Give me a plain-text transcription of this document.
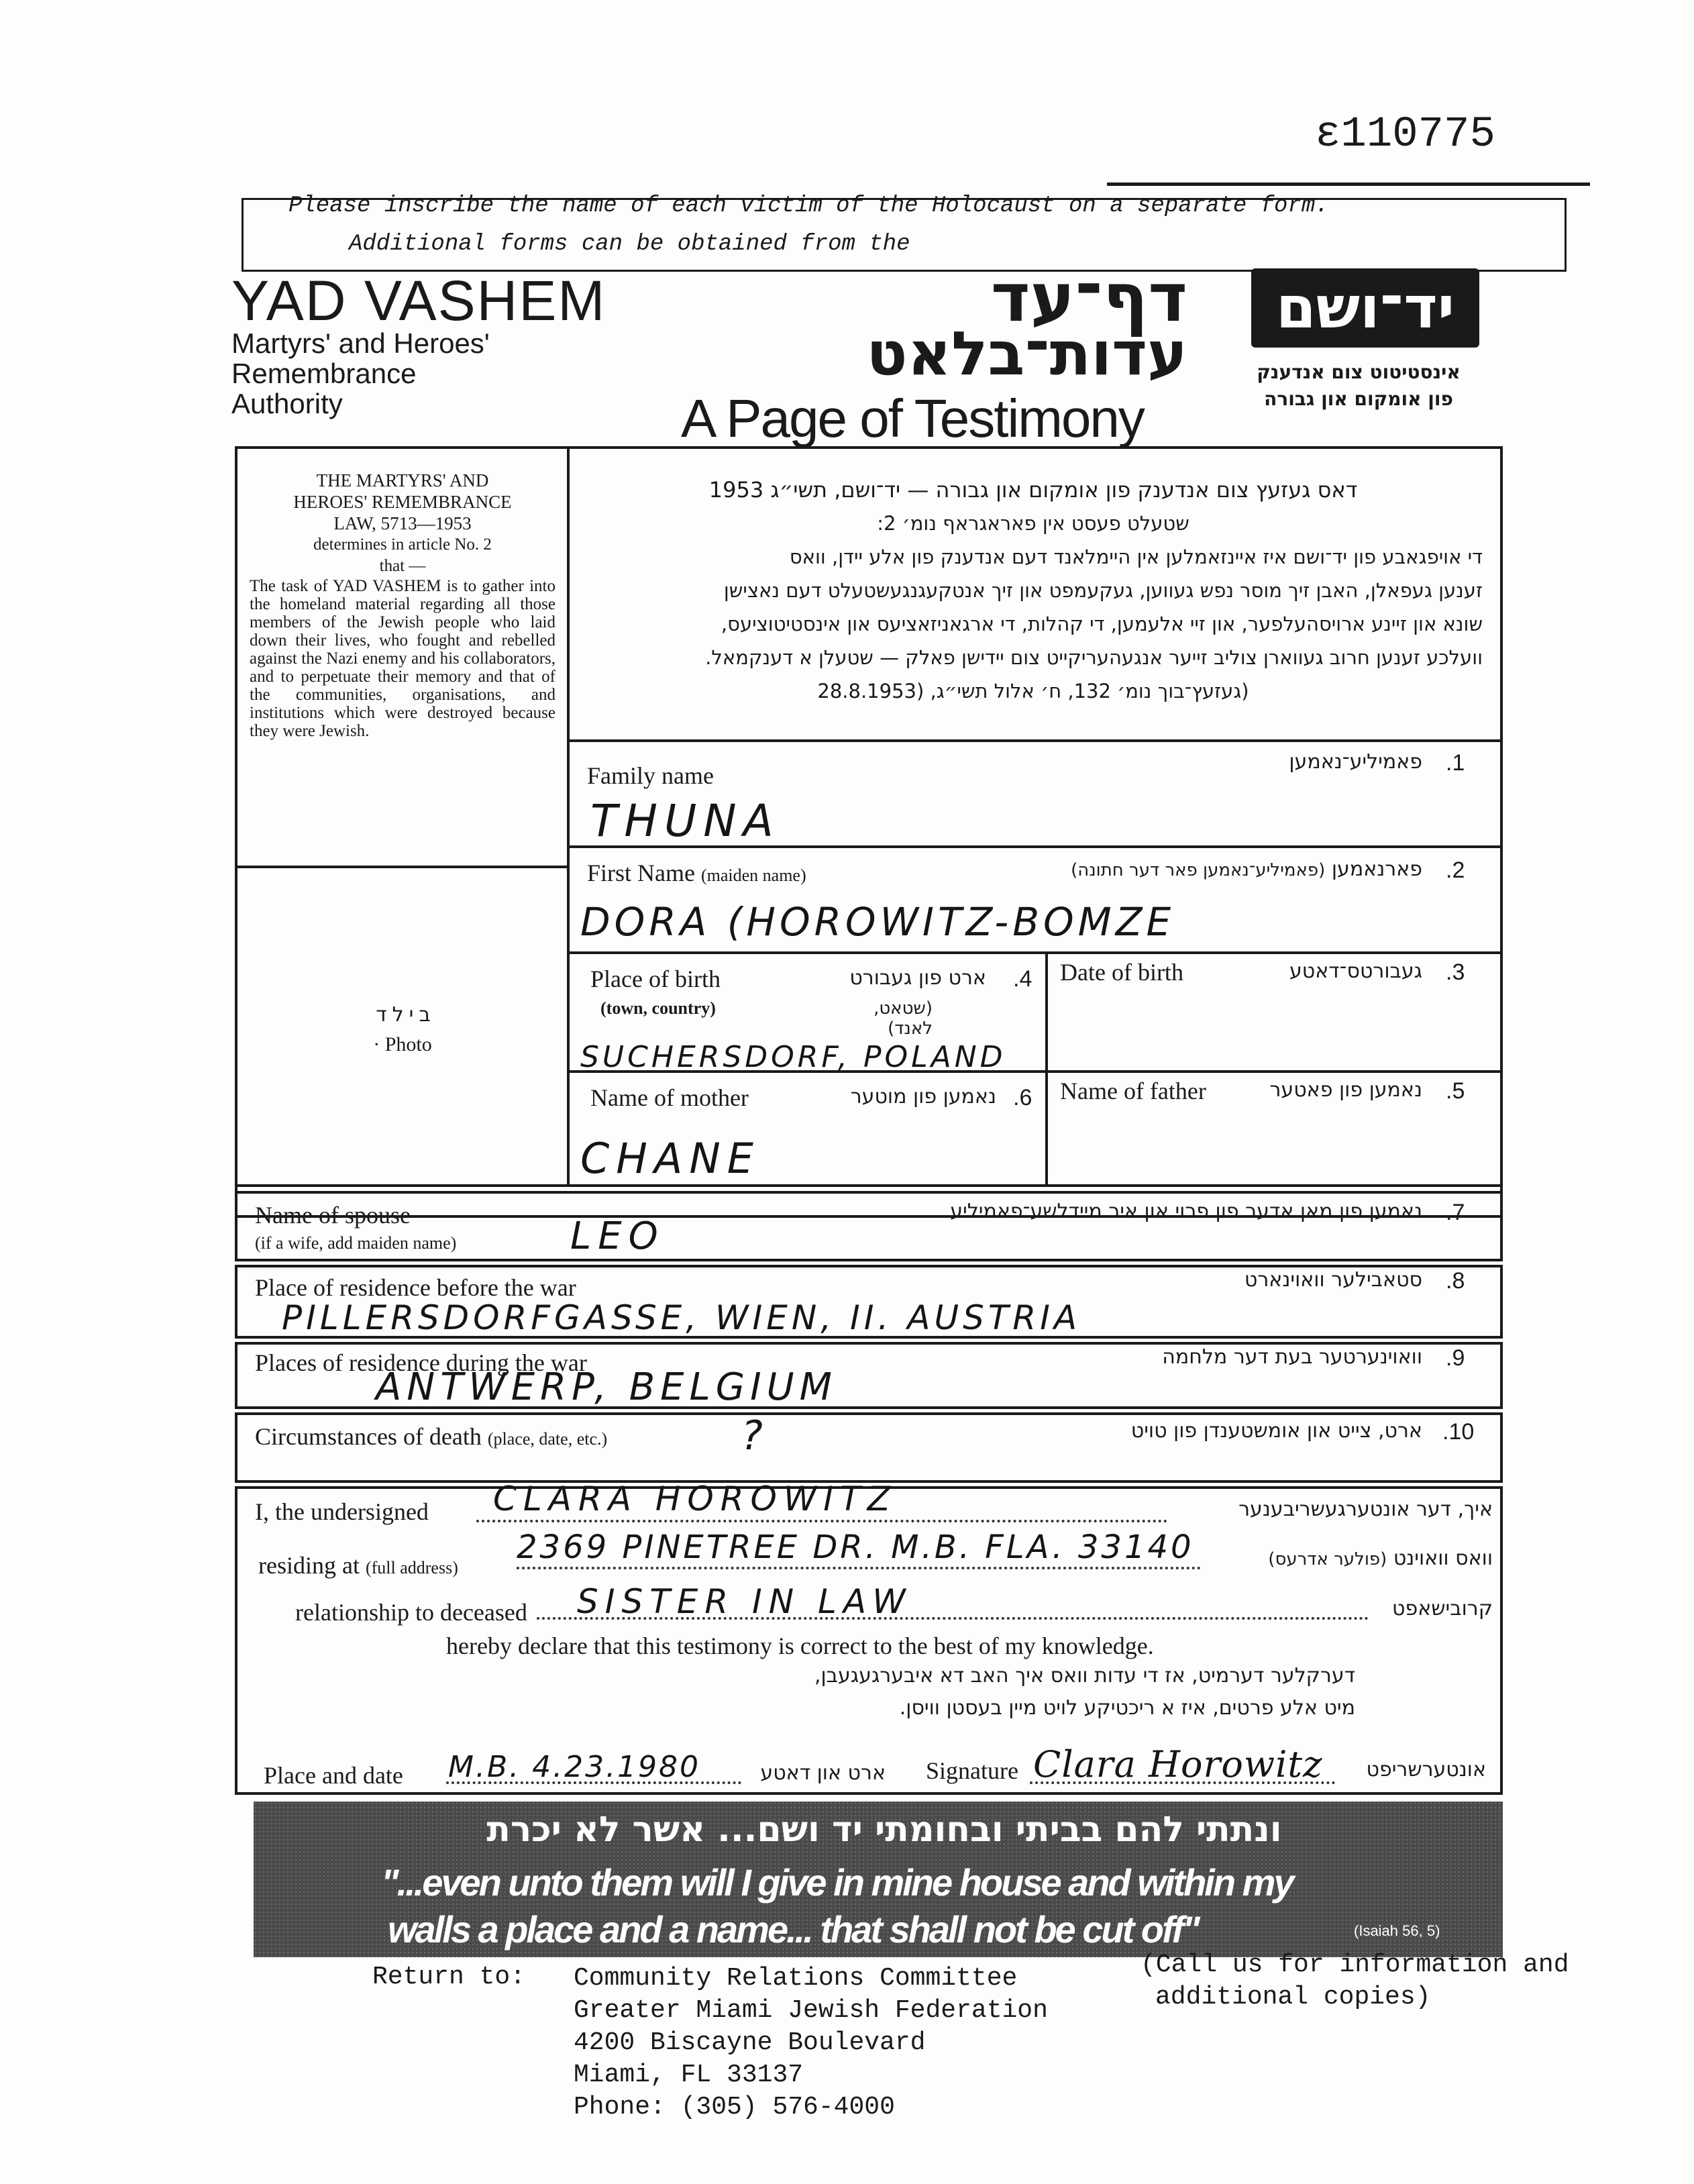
ε110775
Please inscribe the name of each victim of the Holocaust on a separate form.
Additional forms can be obtained from the
YAD VASHEM
Martyrs' and Heroes'
Remembrance
Authority
דף־עד
עדות־בלאט
A Page of Testimony
יד־ושם
אינסטיטוט צום אנדענק
פון אומקום און גבורה
THE MARTYRS' AND
HEROES' REMEMBRANCE
LAW, 5713—1953
determines in article No. 2
that —
The task of YAD VASHEM is to gather into the homeland material regarding all those members of the Jewish people who laid down their lives, who fought and rebelled against the Nazi enemy and his collaborators, and to perpetuate their memory and that of the communities, organisations, and institutions which were destroyed because they were Jewish.
דאס געזעץ צום אנדענק פון אומקום און גבורה — יד־ושם, תשי״ג 1953
שטעלט פעסט אין פאראגראף נומ׳ 2:
די אויפגאבע פון יד־ושם איז איינזאמלען אין היימלאנד דעם אנדענק פון אלע יידן, וואס
זענען געפאלן, האבן זיך מוסר נפש געווען, געקעמפט און זיך אנטקעגנגעשטעלט דעם נאצישן
שונא און זיינע ארויסהעלפער, און זיי אלעמען, די קהלות, די ארגאניזאציעס און אינסטיטוציעס,
וועלכע זענען חרוב געווארן צוליב זייער אנגעהעריקייט צום יידישן פאלק — שטעלן א דענקמאל.
(געזעץ־בוך נומ׳ 132, ח׳ אלול תשי״ג, (28.8.1953
בילד
· Photo
Family name
פאמיליע־נאמען .1
THUNA
First Name (maiden name)	פארנאמען (פאמיליע־נאמען פאר דער חתונה)	.2
DORA (HOROWITZ-BOMZE
Place of birth
(town, country)
ארט פון געבורט
(שטאט, לאנד)
.4
SUCHERSDORF, POLAND
Date of birth	געבורטס־דאטע .3
Name of mother	נאמען פון מוטער .6
CHANE
Name of father	נאמען פון פאטער .5
Name of spouse
(if a wife, add maiden name)
נאמען פון מאן אדער פון פרוי און איר מיידלשע־פאמיליע .7
LEO
Place of residence before the war	סטאבילער וואוינארט .8
PILLERSDORFGASSE, WIEN, II. AUSTRIA
Places of residence during the war	וואוינערטער בעת דער מלחמה .9
ANTWERP, BELGIUM
Circumstances of death (place, date, etc.)	ארט, צייט און אומשטענדן פון טויט .10
?
I, the undersigned CLARA HOROWITZ	איך, דער אונטערגעשריבענער
residing at (full address)
2369 PINETREE DR. M.B. FLA. 33140	וואס וואוינט (פולער אדרעס)
relationship to deceased SISTER IN LAW	קרובישאפט
hereby declare that this testimony is correct to the best of my knowledge.
דערקלער דערמיט, אז די עדות וואס איך האב דא איבערגעגעבן,
מיט אלע פרטים, איז א ריכטיקע לויט מיין בעסטן וויסן.
Place and date M.B. 4.23.1980	ארט און דאטע Signature Clara Horowitz	אונטערשריפט
ונתתי להם בביתי ובחומתי יד ושם... אשר לא יכרת
"...even unto them will I give in mine house and within my
walls a place and a name... that shall not be cut off"	(Isaiah 56, 5)
Return to: Community Relations Committee
Greater Miami Jewish Federation
4200 Biscayne Boulevard
Miami, FL 33137
Phone: (305) 576-4000
(Call us for information and
additional copies)
